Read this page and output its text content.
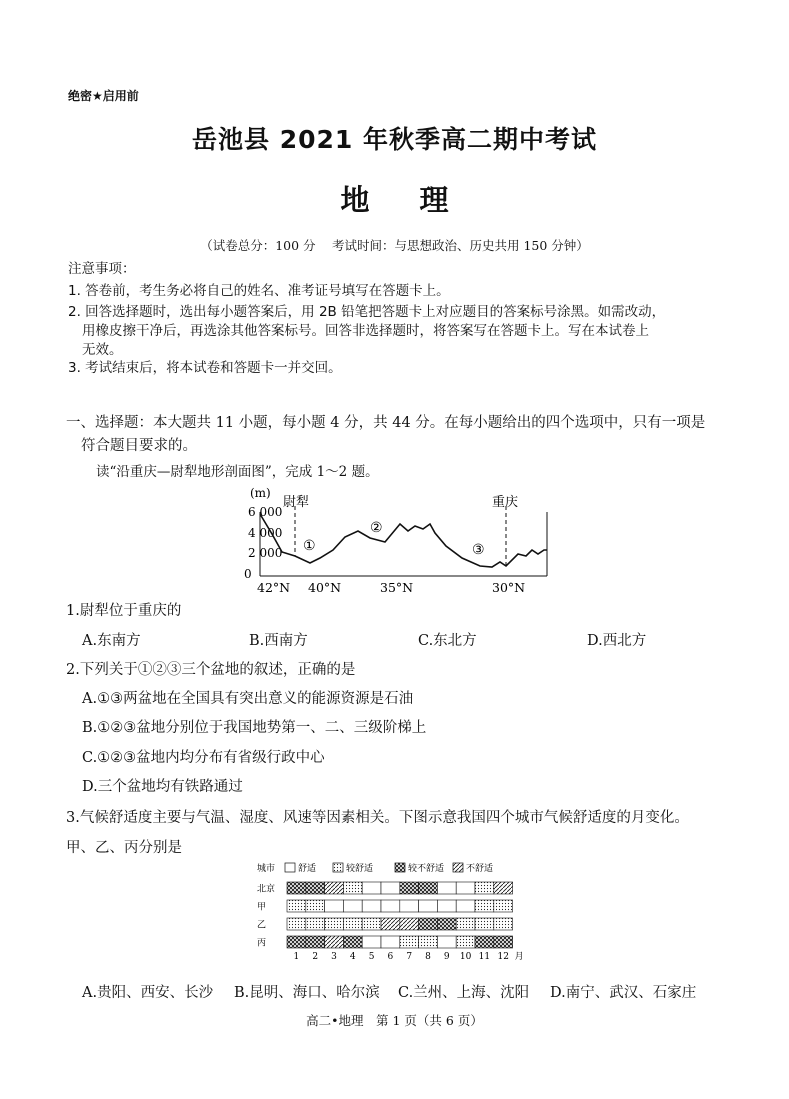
绝密★启用前
岳池县 2021 年秋季高二期中考试
地 理
（试卷总分：100 分　 考试时间：与思想政治、历史共用 150 分钟）
注意事项：
1. 答卷前，考生务必将自己的姓名、准考证号填写在答题卡上。
2. 回答选择题时，选出每小题答案后，用 2B 铅笔把答题卡上对应题目的答案标号涂黑。如需改动，
用橡皮擦干净后，再选涂其他答案标号。回答非选择题时，将答案写在答题卡上。写在本试卷上
无效。
3. 考试结束后，将本试卷和答题卡一并交回。
一、选择题：本大题共 11 小题，每小题 4 分，共 44 分。在每小题给出的四个选项中，只有一项是
符合题目要求的。
读“沿重庆—尉犁地形剖面图”，完成 1～2 题。
(m)
6 000
4 000
2 000
0
尉犁	重庆
①
②
③
42°N 40°N	35°N	30°N
1.尉犁位于重庆的
A.东南方	B.西南方	C.东北方	D.西北方
2.下列关于①②③三个盆地的叙述，正确的是
A.①③两盆地在全国具有突出意义的能源资源是石油
B.①②③盆地分别位于我国地势第一、二、三级阶梯上
C.①②③盆地内均分布有省级行政中心
D.三个盆地均有铁路通过
3.气候舒适度主要与气温、湿度、风速等因素相关。下图示意我国四个城市气候舒适度的月变化。
甲、乙、丙分别是
城市	舒适	较舒适	较不舒适 不舒适
北京
甲
乙
丙
1 2 3 4 5 6 7 8 9 10 11 12 月
A.贵阳、西安、长沙 B.昆明、海口、哈尔滨 C.兰州、上海、沈阳 D.南宁、武汉、石家庄
高二•地理　第 1 页（共 6 页）
